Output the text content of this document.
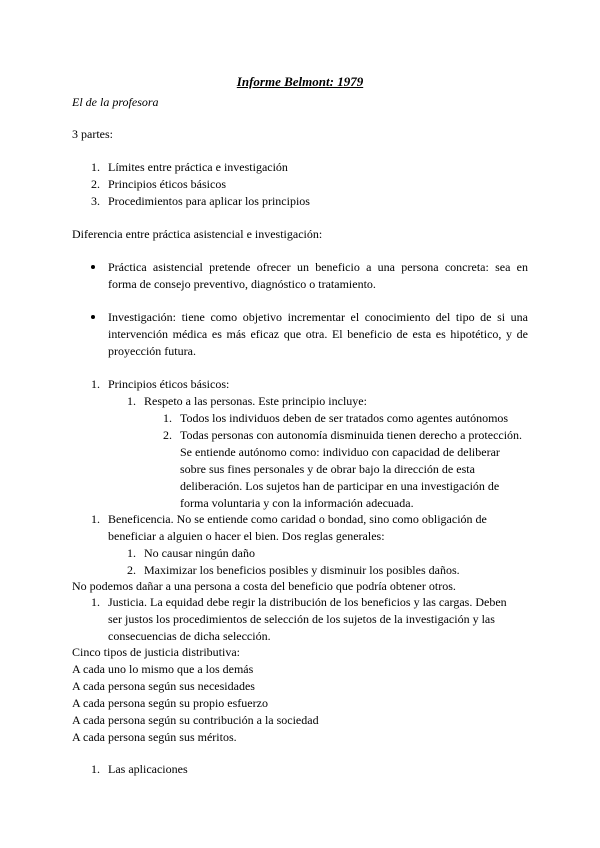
Informe Belmont: 1979
El de la profesora
3 partes:
1. Límites entre práctica e investigación
2. Principios éticos básicos
3. Procedimientos para aplicar los principios
Diferencia entre práctica asistencial e investigación:
Práctica asistencial pretende ofrecer un beneficio a una persona concreta: sea en
forma de consejo preventivo, diagnóstico o tratamiento.
Investigación: tiene como objetivo incrementar el conocimiento del tipo de si una
intervención médica es más eficaz que otra. El beneficio de esta es hipotético, y de
proyección futura.
1. Principios éticos básicos:
1. Respeto a las personas. Este principio incluye:
1. Todos los individuos deben de ser tratados como agentes autónomos
2. Todas personas con autonomía disminuida tienen derecho a protección.
Se entiende autónomo como: individuo con capacidad de deliberar
sobre sus fines personales y de obrar bajo la dirección de esta
deliberación. Los sujetos han de participar en una investigación de
forma voluntaria y con la información adecuada.
1. Beneficencia. No se entiende como caridad o bondad, sino como obligación de
beneficiar a alguien o hacer el bien. Dos reglas generales:
1. No causar ningún daño
2. Maximizar los beneficios posibles y disminuir los posibles daños.
No podemos dañar a una persona a costa del beneficio que podría obtener otros.
1. Justicia. La equidad debe regir la distribución de los beneficios y las cargas. Deben
ser justos los procedimientos de selección de los sujetos de la investigación y las
consecuencias de dicha selección.
Cinco tipos de justicia distributiva:
A cada uno lo mismo que a los demás
A cada persona según sus necesidades
A cada persona según su propio esfuerzo
A cada persona según su contribución a la sociedad
A cada persona según sus méritos.
1. Las aplicaciones
